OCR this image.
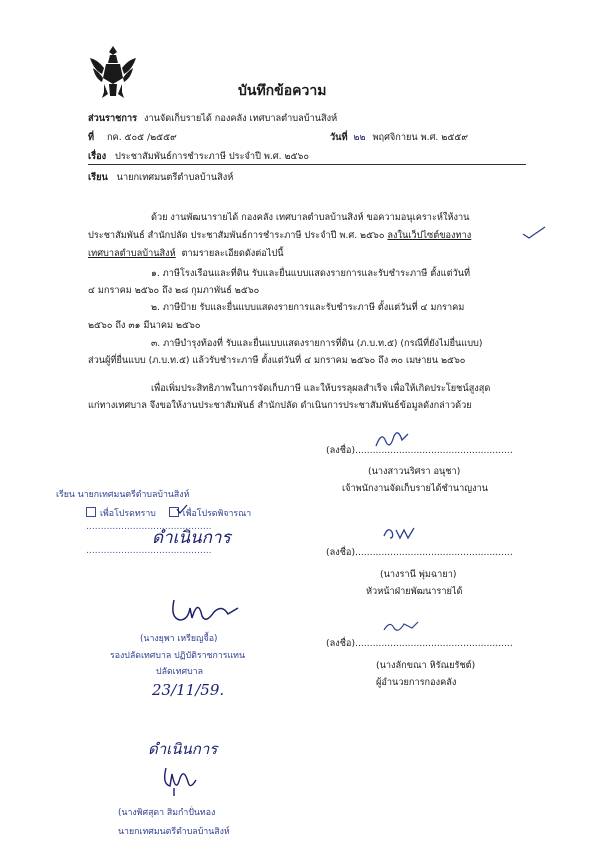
บันทึกข้อความ
ส่วนราชการ งานจัดเก็บรายได้ กองคลัง เทศบาลตำบลบ้านสิงห์
ที่ กค. ๕๐๕ /๒๕๕๙	วันที่ ๒๒ พฤศจิกายน พ.ศ. ๒๕๕๙
เรื่อง ประชาสัมพันธ์การชำระภาษี ประจำปี พ.ศ. ๒๕๖๐
เรียน นายกเทศมนตรีตำบลบ้านสิงห์
ด้วย งานพัฒนารายได้ กองคลัง เทศบาลตำบลบ้านสิงห์ ขอความอนุเคราะห์ให้งาน
ประชาสัมพันธ์ สำนักปลัด ประชาสัมพันธ์การชำระภาษี ประจำปี พ.ศ. ๒๕๖๐ ลงในเว็ปไซต์ของทาง
เทศบาลตำบลบ้านสิงห์ ตามรายละเอียดดังต่อไปนี้
๑. ภาษีโรงเรือนและที่ดิน รับและยื่นแบบแสดงรายการและรับชำระภาษี ตั้งแต่วันที่
๔ มกราคม ๒๕๖๐ ถึง ๒๘ กุมภาพันธ์ ๒๕๖๐
๒. ภาษีป้าย รับและยื่นแบบแสดงรายการและรับชำระภาษี ตั้งแต่วันที่ ๔ มกราคม
๒๕๖๐ ถึง ๓๑ มีนาคม ๒๕๖๐
๓. ภาษีบำรุงท้องที่ รับและยื่นแบบแสดงรายการที่ดิน (ภ.บ.ท.๕) (กรณีที่ยังไม่ยื่นแบบ)
ส่วนผู้ที่ยื่นแบบ (ภ.บ.ท.๕) แล้วรับชำระภาษี ตั้งแต่วันที่ ๔ มกราคม ๒๕๖๐ ถึง ๓๐ เมษายน ๒๕๖๐
เพื่อเพิ่มประสิทธิภาพในการจัดเก็บภาษี และให้บรรลุผลสำเร็จ เพื่อให้เกิดประโยชน์สูงสุด
แก่ทางเทศบาล จึงขอให้งานประชาสัมพันธ์ สำนักปลัด ดำเนินการประชาสัมพันธ์ข้อมูลดังกล่าวด้วย
(ลงชื่อ)......................................................
(นางสาวนริศรา อนุชา)
เจ้าพนักงานจัดเก็บรายได้ชำนาญงาน
เรียน นายกเทศมนตรีตำบลบ้านสิงห์
เพื่อโปรดทราบ	เพื่อโปรดพิจารณา
...........................................
ดำเนินการ
...........................................	(ลงชื่อ)......................................................
(นางรานี พุ่มฉายา)
หัวหน้าฝ่ายพัฒนารายได้
(นางยุพา เหรียญจื้อ)
รองปลัดเทศบาล ปฏิบัติราชการแทน
ปลัดเทศบาล
23/11/59.
(ลงชื่อ)......................................................
(นางลักขณา หิรัณยรัชต์)
ผู้อำนวยการกองคลัง
ดำเนินการ
(นางพิศสุดา สิมกำปั่นทอง
นายกเทศมนตรีตำบลบ้านสิงห์
